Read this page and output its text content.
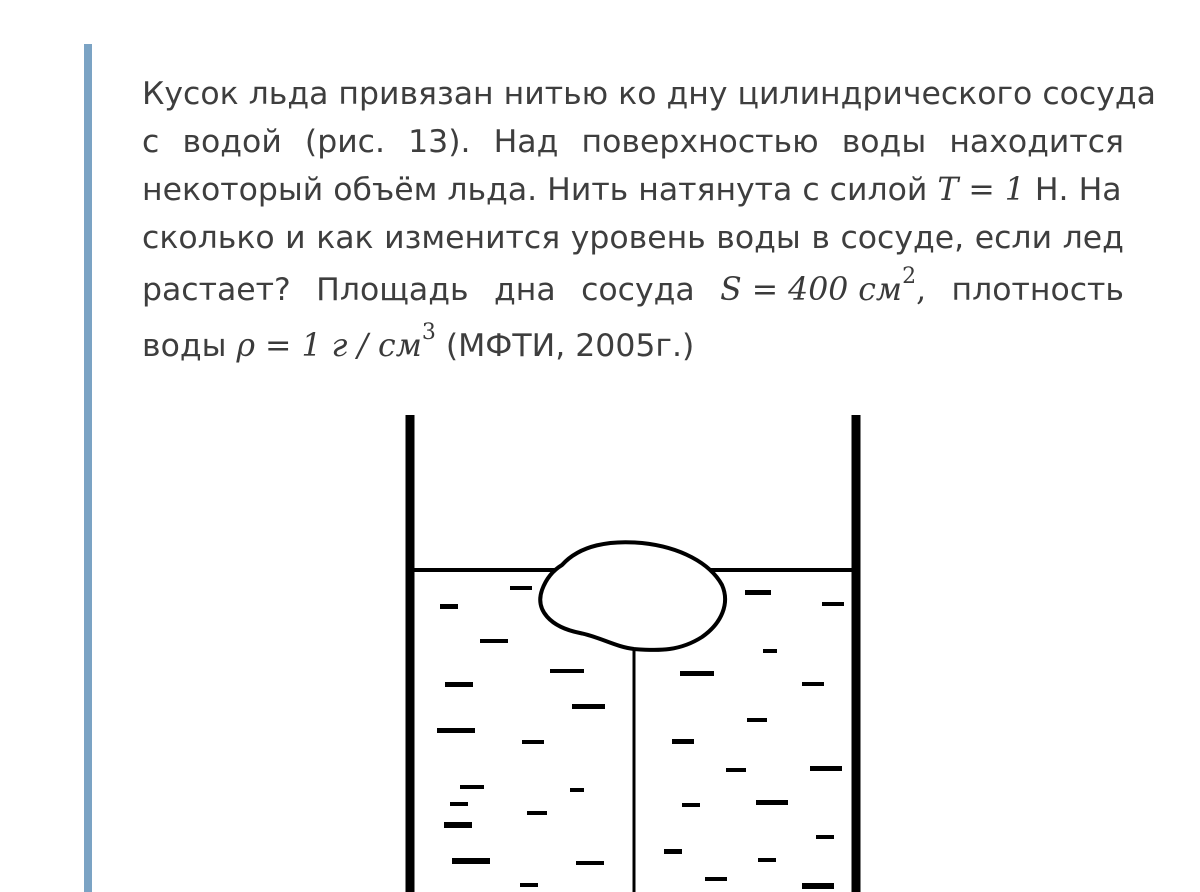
Кусок льда привязан нитью ко дну цилиндрического сосуда
с водой (рис. 13). Над поверхностью воды находится
некоторый объём льда. Нить натянута с силой T = 1 Н. На
сколько и как изменится уровень воды в сосуде, если лед
растает? Площадь дна сосуда S = 400 $см^2$, плотность
воды ρ = 1 г / $см^3$ (МФТИ, 2005г.)
